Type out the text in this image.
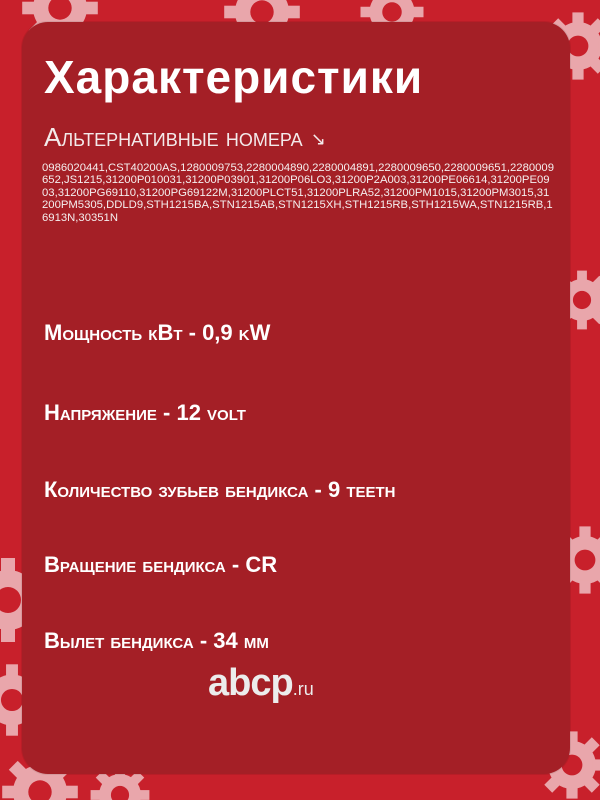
Характеристики
Альтернативные номера ↘
0986020441,CST40200AS,1280009753,2280004890,2280004891,2280009650,2280009651,2280009652,JS1215,31200P010031,31200P03901,31200P06LO3,31200P2A003,31200PE06614,31200PE0903,31200PG69110,31200PG69122M,31200PLCT51,31200PLRA52,31200PM1015,31200PM3015,31200PM5305,DDLD9,STH1215BA,STN1215AB,STN1215XH,STH1215RB,STH1215WA,STN1215RB,16913N,30351N
Мощность кВт - 0,9 kW
Напряжение - 12 volt
Количество зубьев бендикса - 9 teeth
Вращение бендикса - CR
Вылет бендикса - 34 мм
abcp.ru
